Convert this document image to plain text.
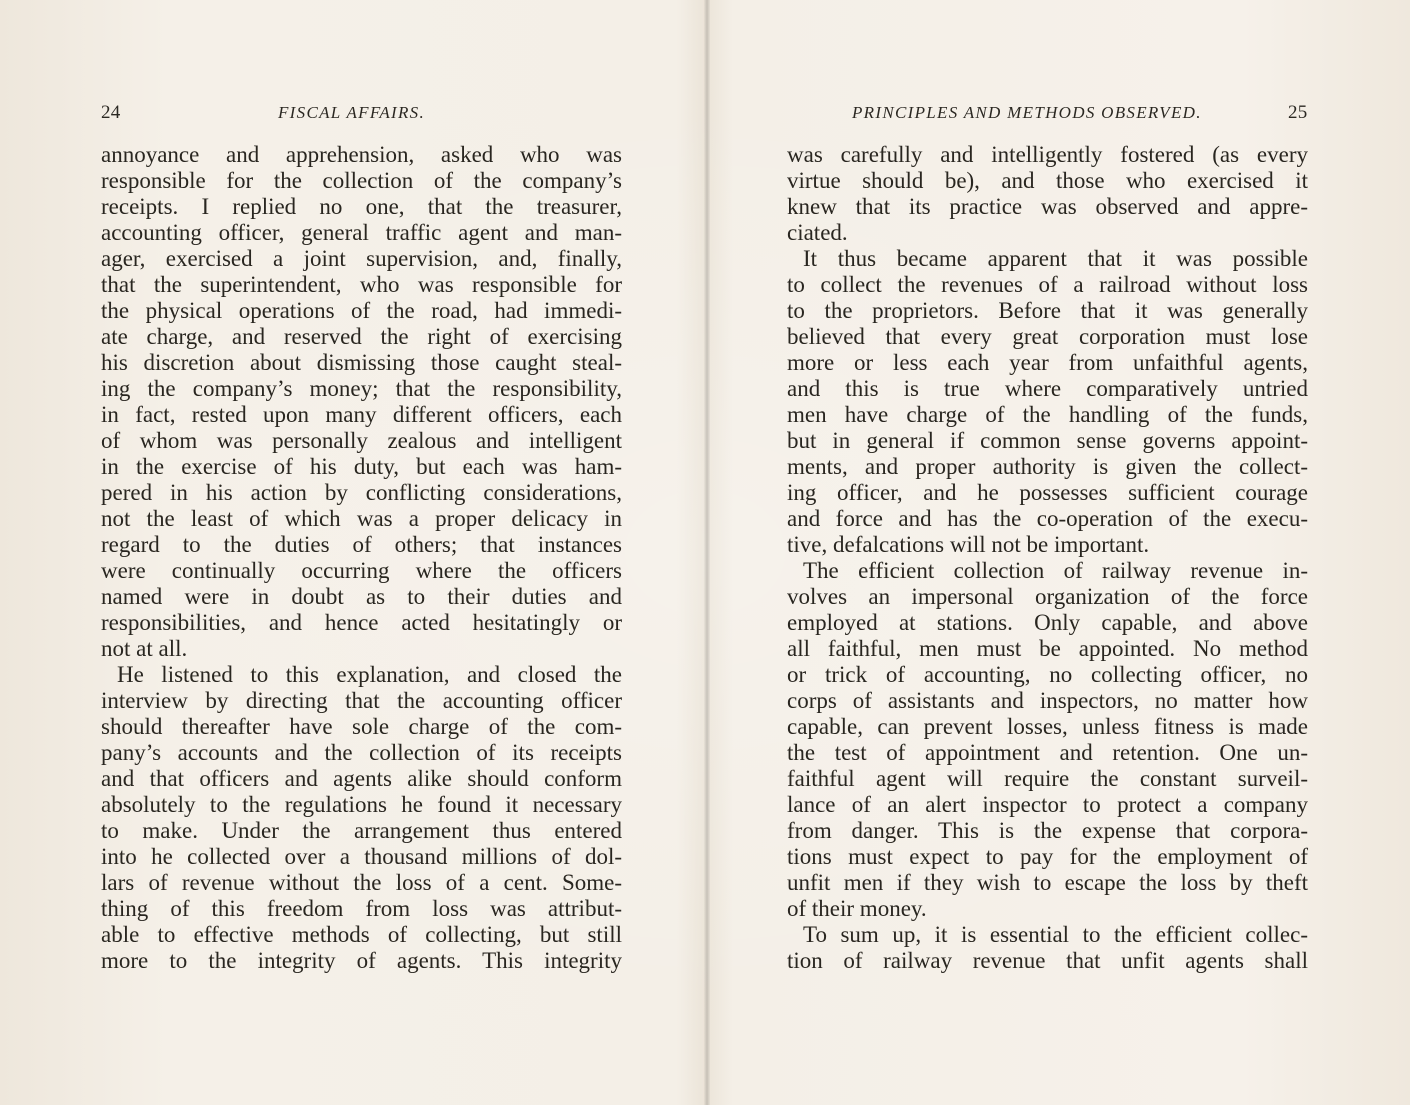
24	FISCAL AFFAIRS.
annoyance and apprehension, asked who was
responsible for the collection of the company’s
receipts. I replied no one, that the treasurer,
accounting officer, general traffic agent and man-
ager, exercised a joint supervision, and, finally,
that the superintendent, who was responsible for
the physical operations of the road, had immedi-
ate charge, and reserved the right of exercising
his discretion about dismissing those caught steal-
ing the company’s money; that the responsibility,
in fact, rested upon many different officers, each
of whom was personally zealous and intelligent
in the exercise of his duty, but each was ham-
pered in his action by conflicting considerations,
not the least of which was a proper delicacy in
regard to the duties of others; that instances
were continually occurring where the officers
named were in doubt as to their duties and
responsibilities, and hence acted hesitatingly or
not at all.
He listened to this explanation, and closed the
interview by directing that the accounting officer
should thereafter have sole charge of the com-
pany’s accounts and the collection of its receipts
and that officers and agents alike should conform
absolutely to the regulations he found it necessary
to make. Under the arrangement thus entered
into he collected over a thousand millions of dol-
lars of revenue without the loss of a cent. Some-
thing of this freedom from loss was attribut-
able to effective methods of collecting, but still
more to the integrity of agents. This integrity
PRINCIPLES AND METHODS OBSERVED.	25
was carefully and intelligently fostered (as every
virtue should be), and those who exercised it
knew that its practice was observed and appre-
ciated.
It thus became apparent that it was possible
to collect the revenues of a railroad without loss
to the proprietors. Before that it was generally
believed that every great corporation must lose
more or less each year from unfaithful agents,
and this is true where comparatively untried
men have charge of the handling of the funds,
but in general if common sense governs appoint-
ments, and proper authority is given the collect-
ing officer, and he possesses sufficient courage
and force and has the co-operation of the execu-
tive, defalcations will not be important.
The efficient collection of railway revenue in-
volves an impersonal organization of the force
employed at stations. Only capable, and above
all faithful, men must be appointed. No method
or trick of accounting, no collecting officer, no
corps of assistants and inspectors, no matter how
capable, can prevent losses, unless fitness is made
the test of appointment and retention. One un-
faithful agent will require the constant surveil-
lance of an alert inspector to protect a company
from danger. This is the expense that corpora-
tions must expect to pay for the employment of
unfit men if they wish to escape the loss by theft
of their money.
To sum up, it is essential to the efficient collec-
tion of railway revenue that unfit agents shall
